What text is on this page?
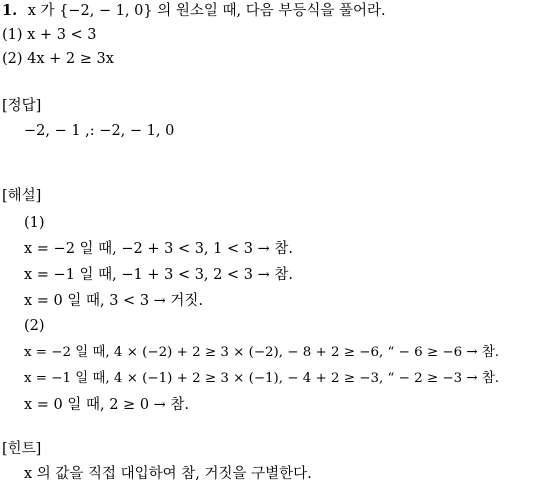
1. x 가 {−2, − 1, 0} 의 원소일 때, 다음 부등식을 풀어라.
(1) x + 3 < 3
(2) 4x + 2 ≥ 3x
[정답]
−2, − 1 ,: −2, − 1, 0
[해설]
(1)
x = −2 일 때, −2 + 3 < 3, 1 < 3 → 참.
x = −1 일 때, −1 + 3 < 3, 2 < 3 → 참.
x = 0 일 때, 3 < 3 → 거짓.
(2)
x = −2 일 때, 4 × (−2) + 2 ≥ 3 × (−2), − 8 + 2 ≥ −6, “ − 6 ≥ −6 → 참.
x = −1 일 때, 4 × (−1) + 2 ≥ 3 × (−1), − 4 + 2 ≥ −3, “ − 2 ≥ −3 → 참.
x = 0 일 때, 2 ≥ 0 → 참.
[힌트]
x 의 값을 직접 대입하여 참, 거짓을 구별한다.
